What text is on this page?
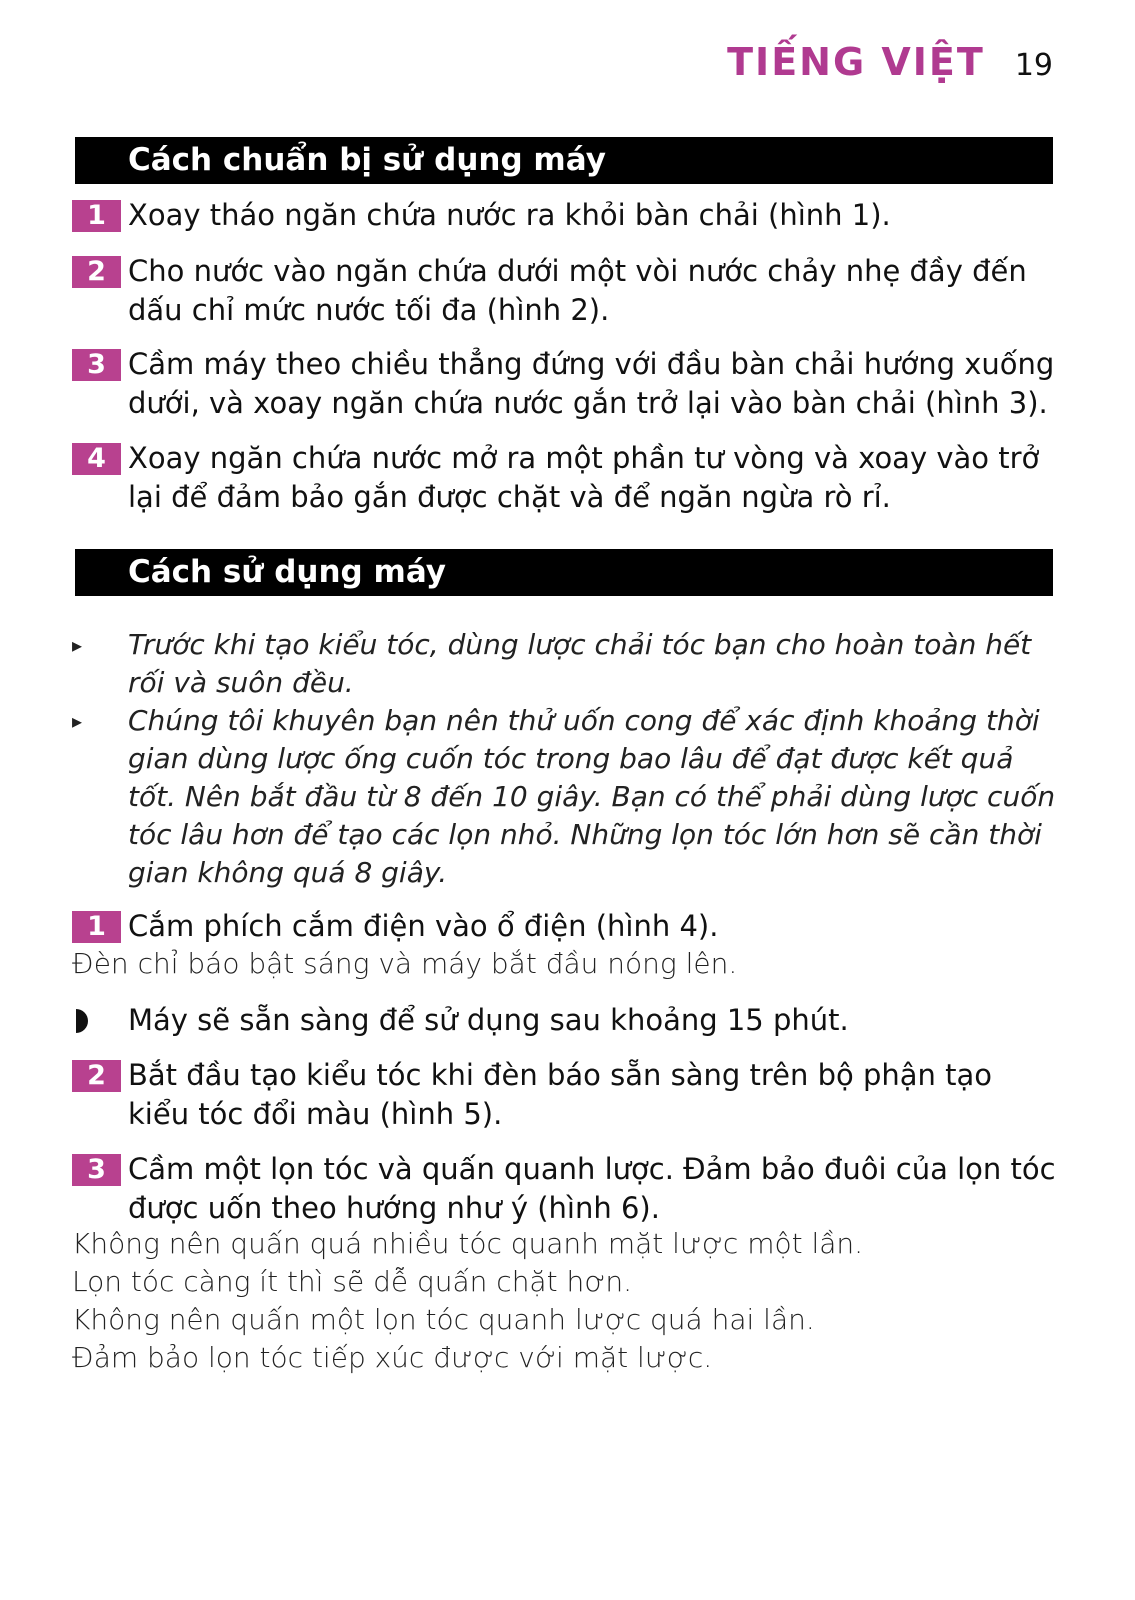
TIẾNG VIỆT 19
Cách chuẩn bị sử dụng máy
1 Xoay tháo ngăn chứa nước ra khỏi bàn chải (hình 1).
2 Cho nước vào ngăn chứa dưới một vòi nước chảy nhẹ đầy đến dấu chỉ mức nước tối đa (hình 2).
3 Cầm máy theo chiều thẳng đứng với đầu bàn chải hướng xuống dưới, và xoay ngăn chứa nước gắn trở lại vào bàn chải (hình 3).
4 Xoay ngăn chứa nước mở ra một phần tư vòng và xoay vào trở lại để đảm bảo gắn được chặt và để ngăn ngừa rò rỉ.
Cách sử dụng máy
▸	Trước khi tạo kiểu tóc, dùng lược chải tóc bạn cho hoàn toàn hết rối và suôn đều.
▸	Chúng tôi khuyên bạn nên thử uốn cong để xác định khoảng thời gian dùng lược ống cuốn tóc trong bao lâu để đạt được kết quả tốt. Nên bắt đầu từ 8 đến 10 giây. Bạn có thể phải dùng lược cuốn tóc lâu hơn để tạo các lọn nhỏ. Những lọn tóc lớn hơn sẽ cần thời gian không quá 8 giây.
1 Cắm phích cắm điện vào ổ điện (hình 4).
Đèn chỉ báo bật sáng và máy bắt đầu nóng lên.
Máy sẽ sẵn sàng để sử dụng sau khoảng 15 phút.
2 Bắt đầu tạo kiểu tóc khi đèn báo sẵn sàng trên bộ phận tạo kiểu tóc đổi màu (hình 5).
3 Cầm một lọn tóc và quấn quanh lược. Đảm bảo đuôi của lọn tóc được uốn theo hướng như ý (hình 6).
Không nên quấn quá nhiều tóc quanh mặt lược một lần.
Lọn tóc càng ít thì sẽ dễ quấn chặt hơn.
Không nên quấn một lọn tóc quanh lược quá hai lần.
Đảm bảo lọn tóc tiếp xúc được với mặt lược.
